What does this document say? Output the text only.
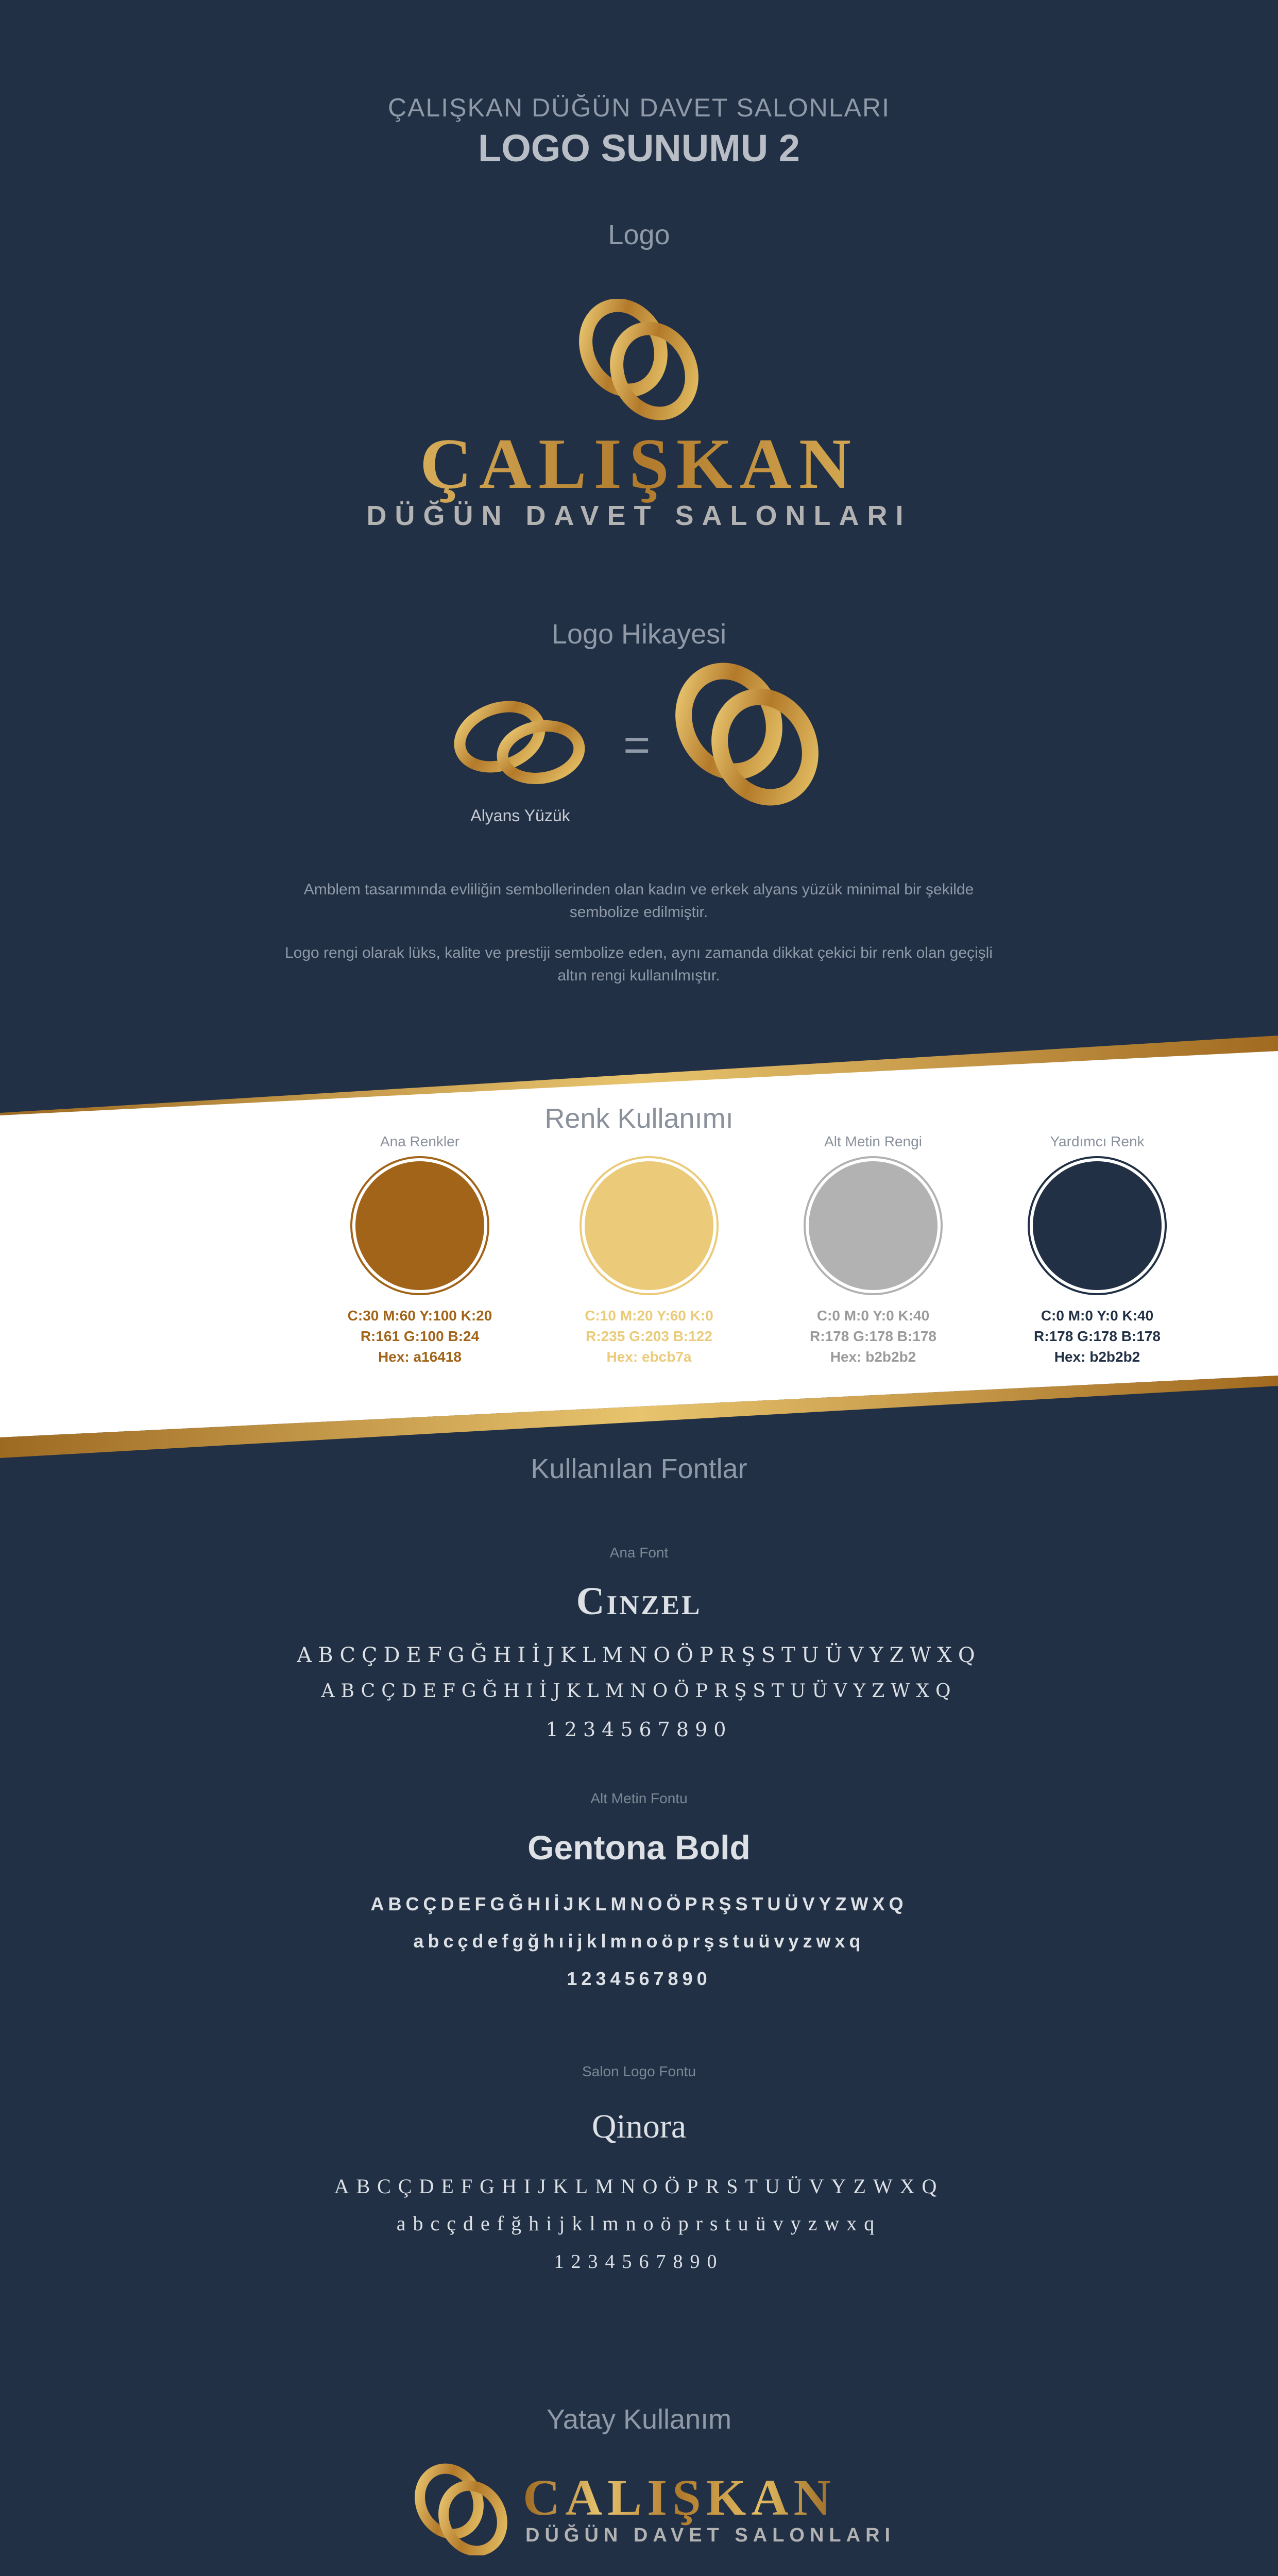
ÇALIŞKAN DÜĞÜN DAVET SALONLARI
LOGO SUNUMU 2
Logo
ÇALIŞKAN
DÜĞÜN DAVET SALONLARI
Logo Hikayesi
=
Alyans Yüzük
Amblem tasarımında evliliğin sembollerinden olan kadın ve erkek alyans yüzük minimal bir şekilde sembolize edilmiştir.
Logo rengi olarak lüks, kalite ve prestiji sembolize eden, aynı zamanda dikkat çekici bir renk olan geçişli altın rengi kullanılmıştır.
Renk Kullanımı
Ana Renkler
C:30 M:60 Y:100 K:20
R:161 G:100 B:24
Hex: a16418
C:10 M:20 Y:60 K:0
R:235 G:203 B:122
Hex: ebcb7a
Alt Metin Rengi
C:0 M:0 Y:0 K:40
R:178 G:178 B:178
Hex: b2b2b2
Yardımcı Renk
C:0 M:0 Y:0 K:40
R:178 G:178 B:178
Hex: b2b2b2
Kullanılan Fontlar
Ana Font
Cinzel
ABCÇDEFGĞHIİJKLMNOÖPRŞSTUÜVYZWXQ
ABCÇDEFGĞHIİJKLMNOÖPRŞSTUÜVYZWXQ
1234567890
Alt Metin Fontu
Gentona Bold
ABCÇDEFGĞHIİJKLMNOÖPRŞSTUÜVYZWXQ
abcçdefgğhıijklmnoöprşstuüvyzwxq
1234567890
Salon Logo Fontu
Qinora
ABCÇDEFGHIJKLMNOÖPRSTUÜVYZWXQ
abcçdefğhijklmnoöprstuüvyzwxq
1234567890
Yatay Kullanım
CALIŞKAN
DÜĞÜN DAVET SALONLARI
